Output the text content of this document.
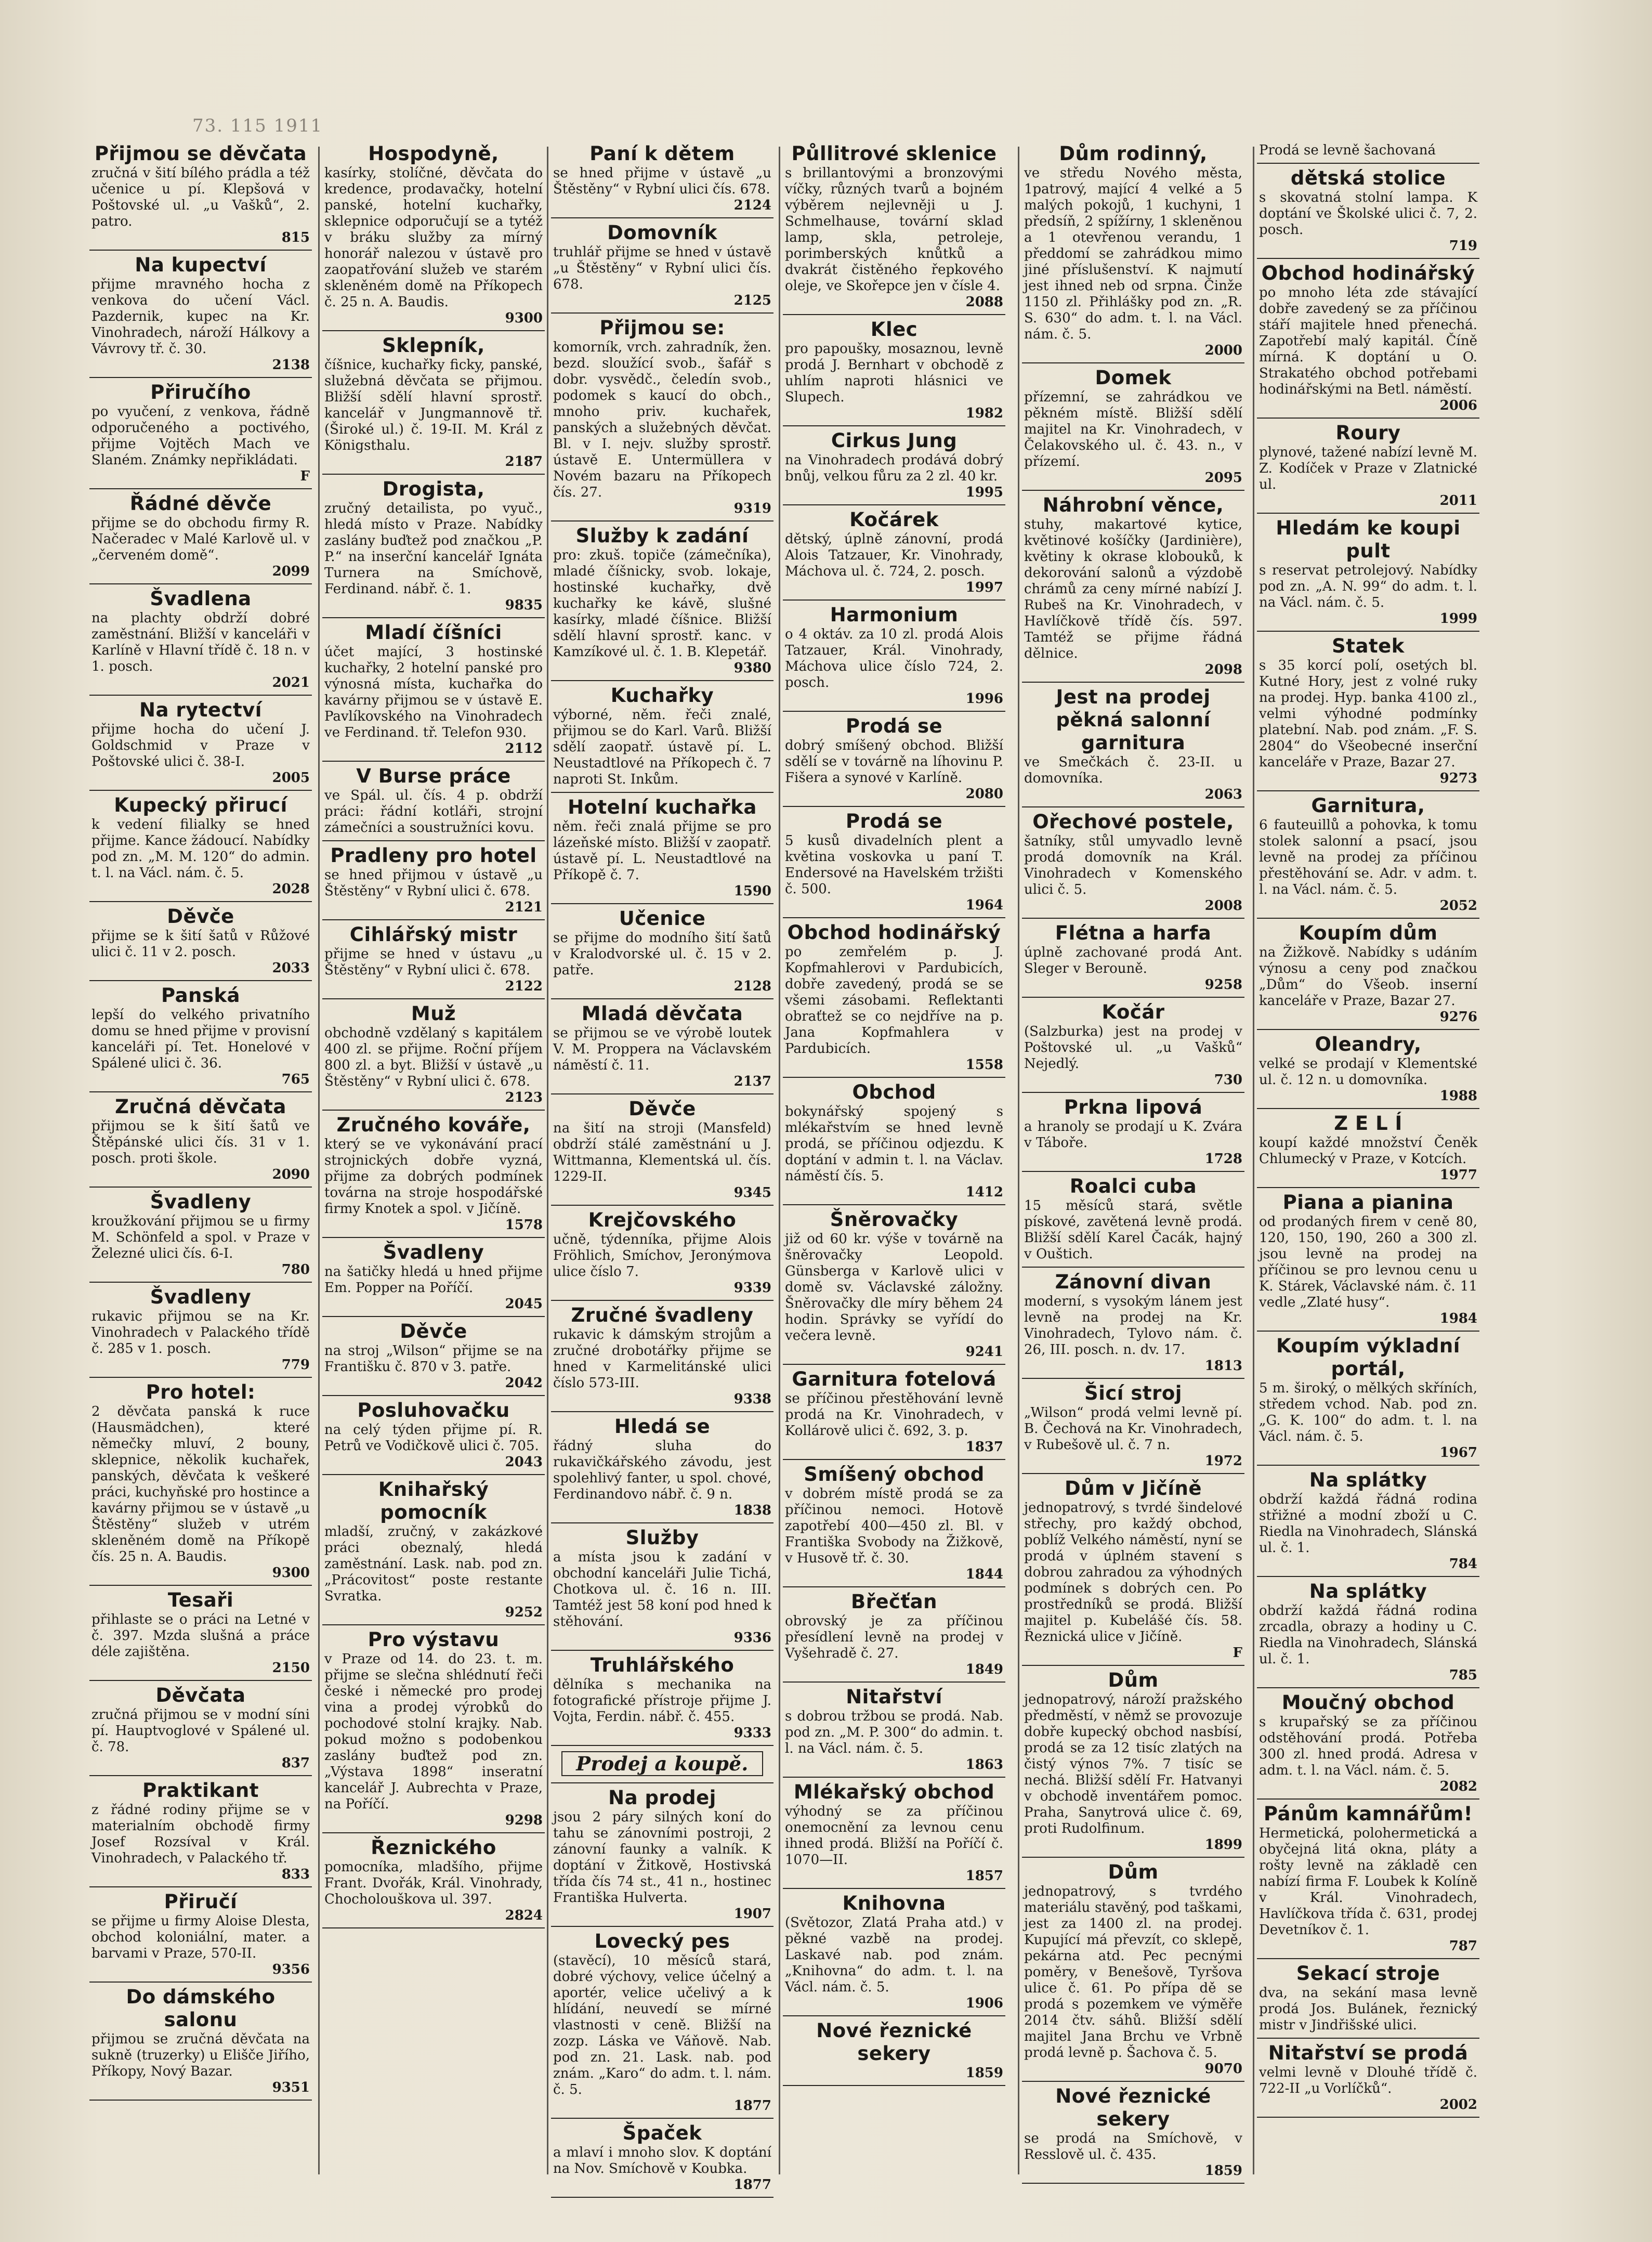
73. 115 1911
Přijmou se děvčata
zručná v šití bílého prádla a též učenice u pí. Klepšová v Poštovské ul. „u Vašků“, 2. patro.
815
Na kupectví
přijme mravného hocha z venkova do učení Václ. Pazdernik, kupec na Kr. Vinohradech, nároží Hálkovy a Vávrovy tř. č. 30.
2138
Přiručího
po vyučení, z venkova, řádně odporučeného a poctivého, přijme Vojtěch Mach ve Slaném. Známky nepřikládati.
F
Řádné děvče
přijme se do obchodu firmy R. Načeradec v Malé Karlově ul. v „červeném domě“.
2099
Švadlena
na plachty obdrží dobré zaměstnání. Bližší v kanceláři v Karlíně v Hlavní třídě č. 18 n. v 1. posch.
2021
Na rytectví
přijme hocha do učení J. Goldschmid v Praze v Poštovské ulici č. 38-I.
2005
Kupecký přirucí
k vedení filialky se hned přijme. Kance žádoucí. Nabídky pod zn. „M. M. 120“ do admin. t. l. na Václ. nám. č. 5.
2028
Děvče
přijme se k šití šatů v Růžové ulici č. 11 v 2. posch.
2033
Panská
lepší do velkého privatního domu se hned přijme v provisní kanceláři pí. Tet. Honelové v Spálené ulici č. 36.
765
Zručná děvčata
přijmou se k šití šatů ve Štěpánské ulici čís. 31 v 1. posch. proti škole.
2090
Švadleny
kroužkování přijmou se u firmy M. Schönfeld a spol. v Praze v Železné ulici čís. 6-I.
780
Švadleny
rukavic přijmou se na Kr. Vinohradech v Palackého třídě č. 285 v 1. posch.
779
Pro hotel:
2 děvčata panská k ruce (Hausmädchen), které němečky mluví, 2 bouny, sklepnice, několik kuchařek, panských, děvčata k veškeré práci, kuchyňské pro hostince a kavárny přijmou se v ústavě „u Štěstěny“ služeb v utrém skleněném domě na Příkopě čís. 25 n. A. Baudis.
9300
Tesaři
přihlaste se o práci na Letné v č. 397. Mzda slušná a práce déle zajištěna.
2150
Děvčata
zručná přijmou se v modní síni pí. Hauptvoglové v Spálené ul. č. 78.
837
Praktikant
z řádné rodiny přijme se v materialním obchodě firmy Josef Rozsíval v Král. Vinohradech, v Palackého tř.
833
Přiručí
se přijme u firmy Aloise Dlesta, obchod koloniální, mater. a barvami v Praze, 570-II.
9356
Do dámského salonu
přijmou se zručná děvčata na sukně (truzerky) u Elišče Jiřího, Příkopy, Nový Bazar.
9351
Hospodyně,
kasírky, stolíčné, děvčata do kredence, prodavačky, hotelní panské, hotelní kuchařky, sklepnice odporučují se a tytéž v bráku služby za mírný honorář nalezou v ústavě pro zaopatřování služeb ve starém skleněném domě na Příkopech č. 25 n. A. Baudis.
9300
Sklepník,
číšnice, kuchařky ficky, panské, služebná děvčata se přijmou. Bližší sdělí hlavní sprostř. kancelář v Jungmannově tř. (Široké ul.) č. 19-II. M. Král z Königsthalu.
2187
Drogista,
zručný detailista, po vyuč., hledá místo v Praze. Nabídky zaslány buďtež pod značkou „P. P.“ na inserční kancelář Ignáta Turnera na Smíchově, Ferdinand. nábř. č. 1.
9835
Mladí číšníci
účet mající, 3 hostinské kuchařky, 2 hotelní panské pro výnosná místa, kuchařka do kavárny přijmou se v ústavě E. Pavlíkovského na Vinohradech ve Ferdinand. tř. Telefon 930.
2112
V Burse práce
ve Spál. ul. čís. 4 p. obdrží práci: řádní kotláři, strojní zámečníci a soustružníci kovu.
Pradleny pro hotel
se hned přijmou v ústavě „u Štěstěny“ v Rybní ulici č. 678.
2121
Cihlářský mistr
přijme se hned v ústavu „u Štěstěny“ v Rybní ulici č. 678.
2122
Muž
obchodně vzdělaný s kapitálem 400 zl. se přijme. Roční příjem 800 zl. a byt. Bližší v ústavě „u Štěstěny“ v Rybní ulici č. 678.
2123
Zručného kováře,
který se ve vykonávání prací strojnických dobře vyzná, přijme za dobrých podmínek továrna na stroje hospodářské firmy Knotek a spol. v Jičíně.
1578
Švadleny
na šatičky hledá u hned přijme Em. Popper na Poříčí.
2045
Děvče
na stroj „Wilson“ přijme se na Františku č. 870 v 3. patře.
2042
Posluhovačku
na celý týden přijme pí. R. Petrů ve Vodičkově ulici č. 705.
2043
Knihařský pomocník
mladší, zručný, v zakázkové práci obeznalý, hledá zaměstnání. Lask. nab. pod zn. „Prácovitost“ poste restante Svratka.
9252
Pro výstavu
v Praze od 14. do 23. t. m. přijme se slečna shlédnutí řeči české i německé pro prodej vina a prodej výrobků do pochodové stolní krajky. Nab. pokud možno s podobenkou zaslány buďtež pod zn. „Výstava 1898“ inseratní kancelář J. Aubrechta v Praze, na Poříčí.
9298
Řeznického
pomocníka, mladšího, přijme Frant. Dvořák, Král. Vinohrady, Chocholouškova ul. 397.
2824
Paní k dětem
se hned přijme v ústavě „u Štěstěny“ v Rybní ulici čís. 678.
2124
Domovník
truhlář přijme se hned v ústavě „u Štěstěny“ v Rybní ulici čís. 678.
2125
Přijmou se:
komorník, vrch. zahradník, žen. bezd. sloužící svob., šafář s dobr. vysvědč., čeledín svob., podomek s kaucí do obch., mnoho priv. kuchařek, panských a služebných děvčat. Bl. v I. nejv. služby sprostř. ústavě E. Untermüllera v Novém bazaru na Příkopech čís. 27.
9319
Služby k zadání
pro: zkuš. topiče (zámečníka), mladé číšnicky, svob. lokaje, hostinské kuchařky, dvě kuchařky ke kávě, slušné kasírky, mladé číšnice. Bližší sdělí hlavní sprostř. kanc. v Kamzíkové ul. č. 1. B. Klepetář.
9380
Kuchařky
výborné, něm. řeči znalé, přijmou se do Karl. Varů. Bližší sdělí zaopatř. ústavě pí. L. Neustadtlové na Příkopech č. 7 naproti St. Inkům.
Hotelní kuchařka
něm. řeči znalá přijme se pro lázeňské místo. Bližší v zaopatř. ústavě pí. L. Neustadtlové na Příkopě č. 7.
1590
Učenice
se přijme do modního šití šatů v Kralodvorské ul. č. 15 v 2. patře.
2128
Mladá děvčata
se přijmou se ve výrobě loutek V. M. Proppera na Václavském náměstí č. 11.
2137
Děvče
na šití na stroji (Mansfeld) obdrží stálé zaměstnání u J. Wittmanna, Klementská ul. čís. 1229-II.
9345
Krejčovského
učně, týdenníka, přijme Alois Fröhlich, Smíchov, Jeronýmova ulice číslo 7.
9339
Zručné švadleny
rukavic k dámským strojům a zručné drobotářky přijme se hned v Karmelitánské ulici číslo 573-III.
9338
Hledá se
řádný sluha do rukavičkářského závodu, jest spolehlivý fanter, u spol. chové, Ferdinandovo nábř. č. 9 n.
1838
Služby
a místa jsou k zadání v obchodní kanceláři Julie Tichá, Chotkova ul. č. 16 n. III. Tamtéž jest 58 koní pod hned k stěhování.
9336
Truhlářského
dělníka s mechanika na fotografické přístroje přijme J. Vojta, Ferdin. nábř. č. 455.
9333
Prodej a koupě.
Na prodej
jsou 2 páry silných koní do tahu se zánovními postroji, 2 zánovní faunky a valník. K doptání v Žitkově, Hostivská třída čís 74 st., 41 n., hostinec Františka Hulverta.
1907
Lovecký pes
(stavěcí), 10 měsíců stará, dobré výchovy, velice účelný a aportér, velice učelivý a k hlídání, neuvedí se mírné vlastnosti v ceně. Bližší na zozp. Láska ve Váňově. Nab. pod zn. 21. Lask. nab. pod znám. „Karo“ do adm. t. l. nám. č. 5.
1877
Špaček
a mlaví i mnoho slov. K doptání na Nov. Smíchově v Koubka.
1877
Půllitrové sklenice
s brillantovými a bronzovými víčky, různých tvarů a bojném výběrem nejlevněji u J. Schmelhause, tovární sklad lamp, skla, petroleje, porimberských knůtků a dvakrát čistěného řepkového oleje, ve Skořepce jen v čísle 4.
2088
Klec
pro papoušky, mosaznou, levně prodá J. Bernhart v obchodě z uhlím naproti hlásnici ve Slupech.
1982
Cirkus Jung
na Vinohradech prodává dobrý bnůj, velkou fůru za 2 zl. 40 kr.
1995
Kočárek
dětský, úplně zánovní, prodá Alois Tatzauer, Kr. Vinohrady, Máchova ul. č. 724, 2. posch.
1997
Harmonium
o 4 oktáv. za 10 zl. prodá Alois Tatzauer, Král. Vinohrady, Máchova ulice číslo 724, 2. posch.
1996
Prodá se
dobrý smíšený obchod. Bližší sdělí se v továrně na líhovinu P. Fišera a synové v Karlíně.
2080
Prodá se
5 kusů divadelních plent a květina voskovka u paní T. Endersové na Havelském tržišti č. 500.
1964
Obchod hodinářský
po zemřelém p. J. Kopfmahlerovi v Pardubicích, dobře zavedený, prodá se se všemi zásobami. Reflektanti obraťtež se co nejdříve na p. Jana Kopfmahlera v Pardubicích.
1558
Obchod
bokynářský spojený s mlékařstvím se hned levně prodá, se příčinou odjezdu. K doptání v admin t. l. na Václav. náměstí čís. 5.
1412
Šněrovačky
již od 60 kr. výše v továrně na šněrovačky Leopold. Günsberga v Karlově ulici v domě sv. Václavské záložny. Šněrovačky dle míry během 24 hodin. Správky se vyřídí do večera levně.
9241
Garnitura fotelová
se příčinou přestěhování levně prodá na Kr. Vinohradech, v Kollárově ulici č. 692, 3. p.
1837
Smíšený obchod
v dobrém místě prodá se za příčinou nemoci. Hotově zapotřebí 400—450 zl. Bl. v Františka Svobody na Žižkově, v Husově tř. č. 30.
1844
Břečťan
obrovský je za příčinou přesídlení levně na prodej v Vyšehradě č. 27.
1849
Nitařství
s dobrou tržbou se prodá. Nab. pod zn. „M. P. 300“ do admin. t. l. na Václ. nám. č. 5.
1863
Mlékařský obchod
výhodný se za příčinou onemocnění za levnou cenu ihned prodá. Bližší na Poříčí č. 1070—II.
1857
Knihovna
(Světozor, Zlatá Praha atd.) v pěkné vazbě na prodej. Laskavé nab. pod znám. „Knihovna“ do adm. t. l. na Václ. nám. č. 5.
1906
Nové řeznické sekery
1859
Dům rodinný,
ve středu Nového města, 1patrový, mající 4 velké a 5 malých pokojů, 1 kuchyni, 1 předsíň, 2 spížírny, 1 skleněnou a 1 otevřenou verandu, 1 předdomí se zahrádkou mimo jiné příslušenství. K najmutí jest ihned neb od srpna. Činže 1150 zl. Přihlášky pod zn. „R. S. 630“ do adm. t. l. na Václ. nám. č. 5.
2000
Domek
přízemní, se zahrádkou ve pěkném místě. Bližší sdělí majitel na Kr. Vinohradech, v Čelakovského ul. č. 43. n., v přízemí.
2095
Náhrobní věnce,
stuhy, makartové kytice, květinové košíčky (Jardinière), květiny k okrase klobouků, k dekorování salonů a výzdobě chrámů za ceny mírné nabízí J. Rubeš na Kr. Vinohradech, v Havlíčkově třídě čís. 597. Tamtéž se přijme řádná dělnice.
2098
Jest na prodej pěkná salonní garnitura
ve Smečkách č. 23-II. u domovníka.
2063
Ořechové postele,
šatníky, stůl umyvadlo levně prodá domovník na Král. Vinohradech v Komenského ulici č. 5.
2008
Flétna a harfa
úplně zachované prodá Ant. Sleger v Berouně.
9258
Kočár
(Salzburka) jest na prodej v Poštovské ul. „u Vašků“ Nejedlý.
730
Prkna lipová
a hranoly se prodají u K. Zvára v Táboře.
1728
Roalci cuba
15 měsíců stará, světle pískové, zavětená levně prodá. Bližší sdělí Karel Čacák, hajný v Ouštich.
Zánovní divan
moderní, s vysokým lánem jest levně na prodej na Kr. Vinohradech, Tylovo nám. č. 26, III. posch. n. dv. 17.
1813
Šicí stroj
„Wilson“ prodá velmi levně pí. B. Čechová na Kr. Vinohradech, v Rubešově ul. č. 7 n.
1972
Dům v Jičíně
jednopatrový, s tvrdé šindelové střechy, pro každý obchod, poblíž Velkého náměstí, nyní se prodá v úplném stavení s dobrou zahradou za výhodných podmínek s dobrých cen. Po prostředníků se prodá. Bližší majitel p. Kubelášé čís. 58. Řeznická ulice v Jičíně.
F
Dům
jednopatrový, nároží pražského předměstí, v němž se provozuje dobře kupecký obchod nasbísí, prodá se za 12 tisíc zlatých na čistý výnos 7%. 7 tisíc se nechá. Bližší sdělí Fr. Hatvanyi v obchodě inventářem pomoc. Praha, Sanytrová ulice č. 69, proti Rudolfinum.
1899
Dům
jednopatrový, s tvrdého materiálu stavěný, pod taškami, jest za 1400 zl. na prodej. Kupující má převzít, co sklepě, pekárna atd. Pec pecnými poměry, v Benešově, Tyršova ulice č. 61. Po přípa dě se prodá s pozemkem ve výměře 2014 čtv. sáhů. Bližší sdělí majitel Jana Brchu ve Vrbně prodá levně p. Šachova č. 5.
9070
Nové řeznické sekery
se prodá na Smíchově, v Resslově ul. č. 435.
1859
Prodá se levně šachovaná
dětská stolice
s skovatná stolní lampa. K doptání ve Školské ulici č. 7, 2. posch.
719
Obchod hodinářský
po mnoho léta zde stávající dobře zavedený se za příčinou stáří majitele hned přenechá. Zapotřebí malý kapitál. Číně mírná. K doptání u O. Strakatého obchod potřebami hodinářskými na Betl. náměstí.
2006
Roury
plynové, tažené nabízí levně M. Z. Kodíček v Praze v Zlatnické ul.
2011
Hledám ke koupi pult
s reservat petrolejový. Nabídky pod zn. „A. N. 99“ do adm. t. l. na Václ. nám. č. 5.
1999
Statek
s 35 korcí polí, osetých bl. Kutné Hory, jest z volné ruky na prodej. Hyp. banka 4100 zl., velmi výhodné podmínky platební. Nab. pod znám. „F. S. 2804“ do Všeobecné inserční kanceláře v Praze, Bazar 27.
9273
Garnitura,
6 fauteuillů a pohovka, k tomu stolek salonní a psací, jsou levně na prodej za příčinou přestěhování se. Adr. v adm. t. l. na Václ. nám. č. 5.
2052
Koupím dům
na Žižkově. Nabídky s udáním výnosu a ceny pod značkou „Dům“ do Všeob. inserní kanceláře v Praze, Bazar 27.
9276
Oleandry,
velké se prodají v Klementské ul. č. 12 n. u domovníka.
1988
Z E L Í
koupí každé množství Čeněk Chlumecký v Praze, v Kotcích.
1977
Piana a pianina
od prodaných firem v ceně 80, 120, 150, 190, 260 a 300 zl. jsou levně na prodej na příčinou se pro levnou cenu u K. Stárek, Václavské nám. č. 11 vedle „Zlaté husy“.
1984
Koupím výkladní portál,
5 m. široký, o mělkých skříních, středem vchod. Nab. pod zn. „G. K. 100“ do adm. t. l. na Václ. nám. č. 5.
1967
Na splátky
obdrží každá řádná rodina střižné a modní zboží u C. Riedla na Vinohradech, Slánská ul. č. 1.
784
Na splátky
obdrží každá řádná rodina zrcadla, obrazy a hodiny u C. Riedla na Vinohradech, Slánská ul. č. 1.
785
Moučný obchod
s krupařský se za příčinou odstěhování prodá. Potřeba 300 zl. hned prodá. Adresa v adm. t. l. na Václ. nám. č. 5.
2082
Pánům kamnářům!
Hermetická, polohermetická a obyčejná litá okna, pláty a rošty levně na základě cen nabízí firma F. Loubek k Kolíně v Král. Vinohradech, Havlíčkova třída č. 631, prodej Devetníkov č. 1.
787
Sekací stroje
dva, na sekání masa levně prodá Jos. Bulánek, řeznický mistr v Jindřišské ulici.
Nitařství se prodá
velmi levně v Dlouhé třídě č. 722-II „u Vorlíčků“.
2002
